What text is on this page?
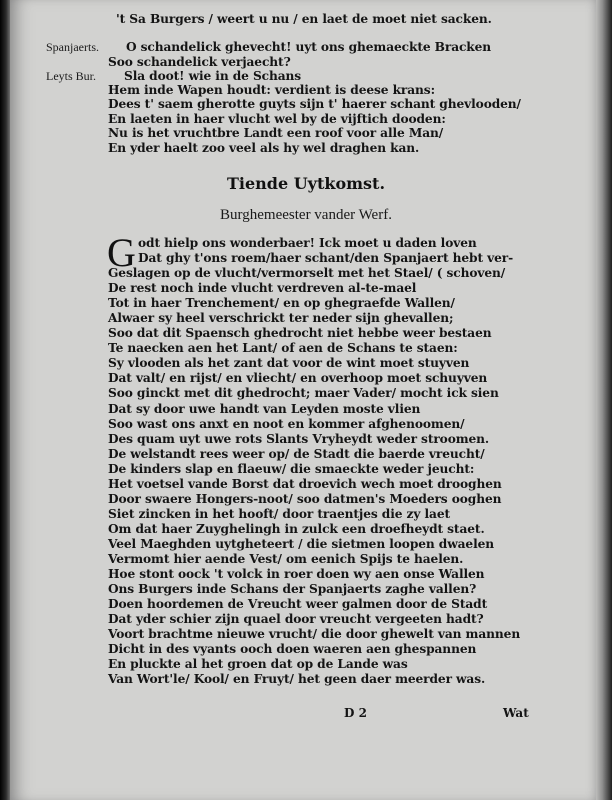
Spanjaerts.
Leyts Bur.
't Sa Burgers / weert u nu / en laet de moet niet sacken.
O schandelick ghevecht! uyt ons ghemaeckte Bracken
Soo schandelick verjaecht?
Sla doot! wie in de Schans
Hem inde Wapen houdt: verdient is deese krans:
Dees t' saem gherotte guyts sijn t' haerer schant ghevlooden/
En laeten in haer vlucht wel by de vijftich dooden:
Nu is het vruchtbre Landt een roof voor alle Man/
En yder haelt zoo veel als hy wel draghen kan.
Tiende Uytkomst.
Burghemeester vander Werf.
G odt hielp ons wonderbaer! Ick moet u daden loven
Dat ghy t'ons roem/haer schant/den Spanjaert hebt ver-
Geslagen op de vlucht/vermorselt met het Stael/ ( schoven/
De rest noch inde vlucht verdreven al-te-mael
Tot in haer Trenchement/ en op ghegraefde Wallen/
Alwaer sy heel verschrickt ter neder sijn ghevallen;
Soo dat dit Spaensch ghedrocht niet hebbe weer bestaen
Te naecken aen het Lant/ of aen de Schans te staen:
Sy vlooden als het zant dat voor de wint moet stuyven
Dat valt/ en rijst/ en vliecht/ en overhoop moet schuyven
Soo ginckt met dit ghedrocht; maer Vader/ mocht ick sien
Dat sy door uwe handt van Leyden moste vlien
Soo wast ons anxt en noot en kommer afghenoomen/
Des quam uyt uwe rots Slants Vryheydt weder stroomen.
De welstandt rees weer op/ de Stadt die baerde vreucht/
De kinders slap en flaeuw/ die smaeckte weder jeucht:
Het voetsel vande Borst dat droevich wech moet drooghen
Door swaere Hongers-noot/ soo datmen's Moeders ooghen
Siet zincken in het hooft/ door traentjes die zy laet
Om dat haer Zuyghelingh in zulck een droefheydt staet.
Veel Maeghden uytgheteert / die sietmen loopen dwaelen
Vermomt hier aende Vest/ om eenich Spijs te haelen.
Hoe stont oock 't volck in roer doen wy aen onse Wallen
Ons Burgers inde Schans der Spanjaerts zaghe vallen?
Doen hoordemen de Vreucht weer galmen door de Stadt
Dat yder schier zijn quael door vreucht vergeeten hadt?
Voort brachtme nieuwe vrucht/ die door ghewelt van mannen
Dicht in des vyants ooch doen waeren aen ghespannen
En pluckte al het groen dat op de Lande was
Van Wort'le/ Kool/ en Fruyt/ het geen daer meerder was.
D 2	Wat
